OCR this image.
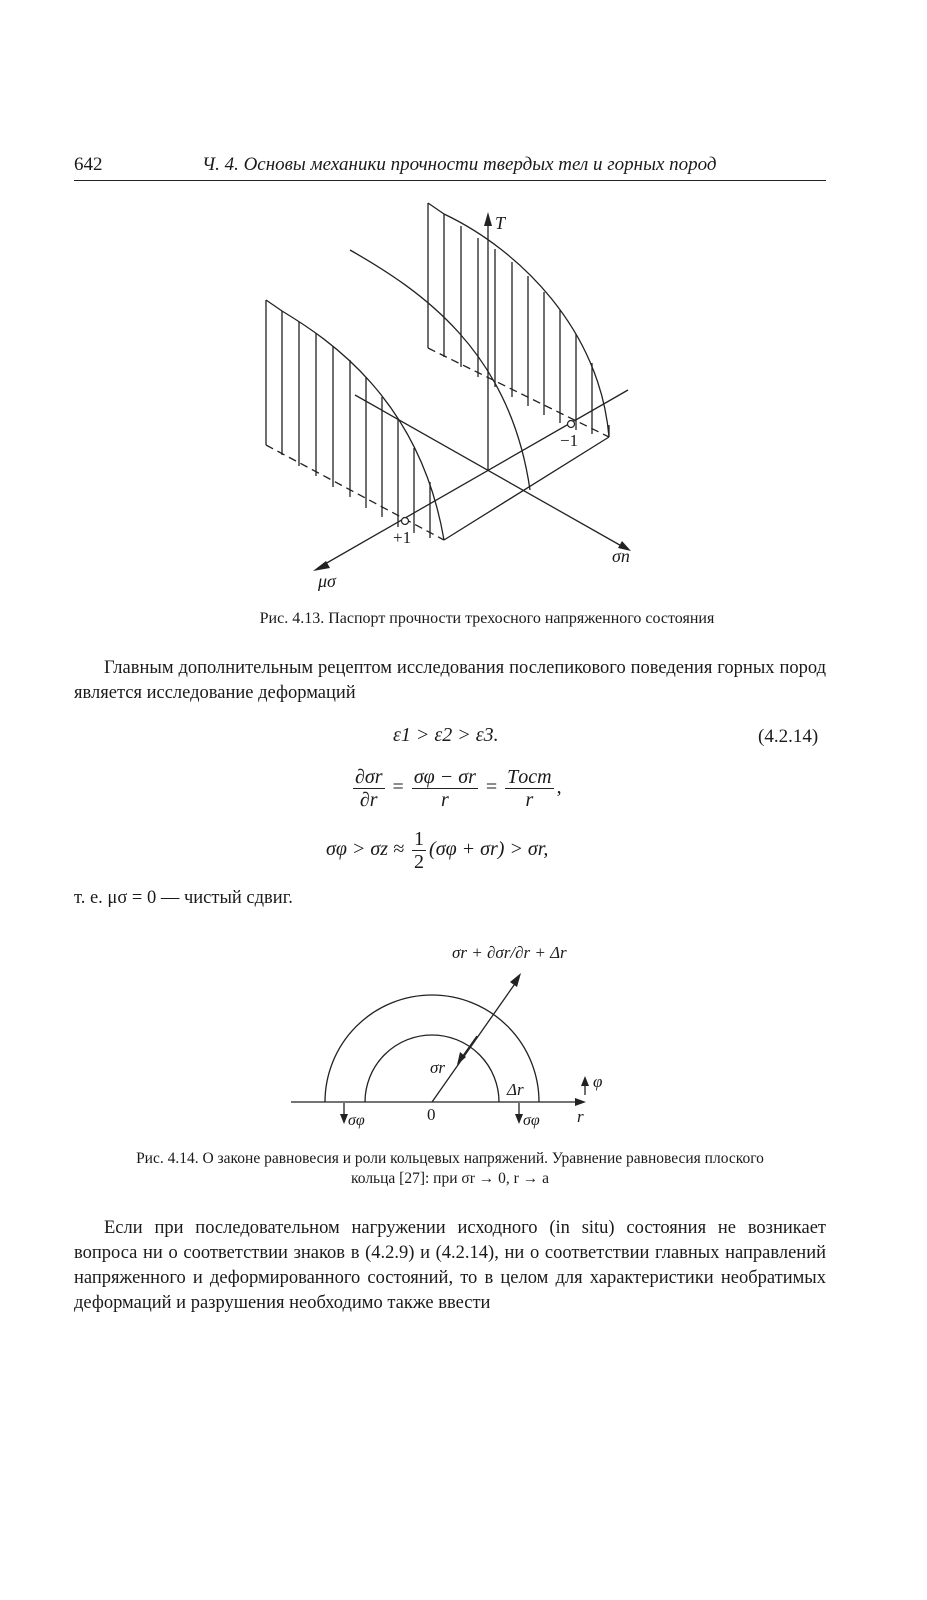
642	Ч. 4. Основы механики прочности твердых тел и горных пород
T
−1
+1
σn
μσ
Рис. 4.13. Паспорт прочности трехосного напряженного состояния
Главным дополнительным рецептом исследования послепикового поведения горных пород является исследование деформаций
ε1 > ε2 > ε3.	(4.2.14)
$\frac{\partial\sigma r}{\partial r} = \frac{\sigma\varphi - \sigma r}{r} = \frac{\text{Tост}}{r}$ ,
$\sigma\varphi > \sigma z \approx \frac{1}{2} (\sigma\varphi + \sigma r) > \sigma r$,
т. е. μσ = 0 — чистый сдвиг.
σr + ∂σr/∂r + Δr
σr
Δr
0
σφ	σφ r
φ
Рис. 4.14. О законе равновесия и роли кольцевых напряжений. Уравнение равновесия плоского
кольца [27]: при σr → 0, r → a
Если при последовательном нагружении исходного (in situ) состояния не возникает вопроса ни о соответствии знаков в (4.2.9) и (4.2.14), ни о соответствии главных направлений напряженного и деформированного состояний, то в целом для характеристики необратимых деформаций и разрушения необходимо также ввести
